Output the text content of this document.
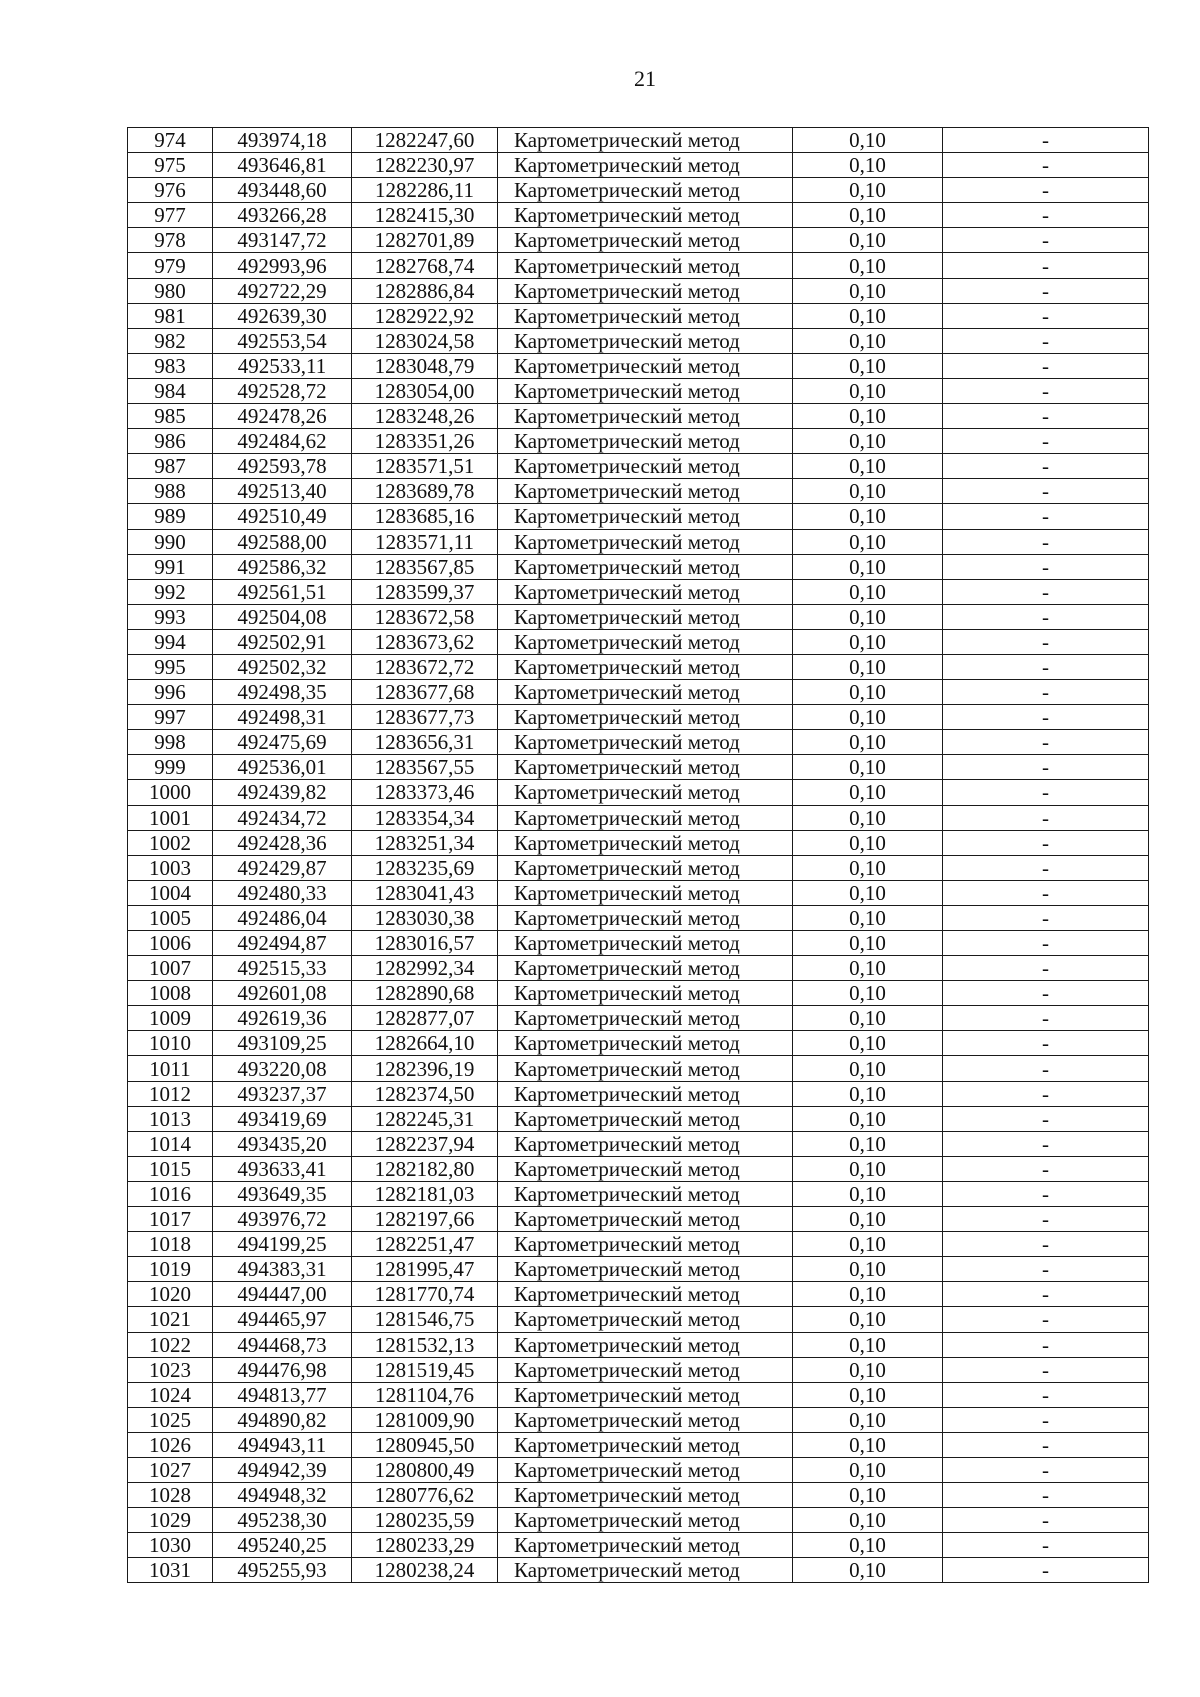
21
974	493974,18	1282247,60	Картометрический метод	0,10	-
975	493646,81	1282230,97	Картометрический метод	0,10	-
976	493448,60	1282286,11	Картометрический метод	0,10	-
977	493266,28	1282415,30	Картометрический метод	0,10	-
978	493147,72	1282701,89	Картометрический метод	0,10	-
979	492993,96	1282768,74	Картометрический метод	0,10	-
980	492722,29	1282886,84	Картометрический метод	0,10	-
981	492639,30	1282922,92	Картометрический метод	0,10	-
982	492553,54	1283024,58	Картометрический метод	0,10	-
983	492533,11	1283048,79	Картометрический метод	0,10	-
984	492528,72	1283054,00	Картометрический метод	0,10	-
985	492478,26	1283248,26	Картометрический метод	0,10	-
986	492484,62	1283351,26	Картометрический метод	0,10	-
987	492593,78	1283571,51	Картометрический метод	0,10	-
988	492513,40	1283689,78	Картометрический метод	0,10	-
989	492510,49	1283685,16	Картометрический метод	0,10	-
990	492588,00	1283571,11	Картометрический метод	0,10	-
991	492586,32	1283567,85	Картометрический метод	0,10	-
992	492561,51	1283599,37	Картометрический метод	0,10	-
993	492504,08	1283672,58	Картометрический метод	0,10	-
994	492502,91	1283673,62	Картометрический метод	0,10	-
995	492502,32	1283672,72	Картометрический метод	0,10	-
996	492498,35	1283677,68	Картометрический метод	0,10	-
997	492498,31	1283677,73	Картометрический метод	0,10	-
998	492475,69	1283656,31	Картометрический метод	0,10	-
999	492536,01	1283567,55	Картометрический метод	0,10	-
1000	492439,82	1283373,46	Картометрический метод	0,10	-
1001	492434,72	1283354,34	Картометрический метод	0,10	-
1002	492428,36	1283251,34	Картометрический метод	0,10	-
1003	492429,87	1283235,69	Картометрический метод	0,10	-
1004	492480,33	1283041,43	Картометрический метод	0,10	-
1005	492486,04	1283030,38	Картометрический метод	0,10	-
1006	492494,87	1283016,57	Картометрический метод	0,10	-
1007	492515,33	1282992,34	Картометрический метод	0,10	-
1008	492601,08	1282890,68	Картометрический метод	0,10	-
1009	492619,36	1282877,07	Картометрический метод	0,10	-
1010	493109,25	1282664,10	Картометрический метод	0,10	-
1011	493220,08	1282396,19	Картометрический метод	0,10	-
1012	493237,37	1282374,50	Картометрический метод	0,10	-
1013	493419,69	1282245,31	Картометрический метод	0,10	-
1014	493435,20	1282237,94	Картометрический метод	0,10	-
1015	493633,41	1282182,80	Картометрический метод	0,10	-
1016	493649,35	1282181,03	Картометрический метод	0,10	-
1017	493976,72	1282197,66	Картометрический метод	0,10	-
1018	494199,25	1282251,47	Картометрический метод	0,10	-
1019	494383,31	1281995,47	Картометрический метод	0,10	-
1020	494447,00	1281770,74	Картометрический метод	0,10	-
1021	494465,97	1281546,75	Картометрический метод	0,10	-
1022	494468,73	1281532,13	Картометрический метод	0,10	-
1023	494476,98	1281519,45	Картометрический метод	0,10	-
1024	494813,77	1281104,76	Картометрический метод	0,10	-
1025	494890,82	1281009,90	Картометрический метод	0,10	-
1026	494943,11	1280945,50	Картометрический метод	0,10	-
1027	494942,39	1280800,49	Картометрический метод	0,10	-
1028	494948,32	1280776,62	Картометрический метод	0,10	-
1029	495238,30	1280235,59	Картометрический метод	0,10	-
1030	495240,25	1280233,29	Картометрический метод	0,10	-
1031	495255,93	1280238,24	Картометрический метод	0,10	-
